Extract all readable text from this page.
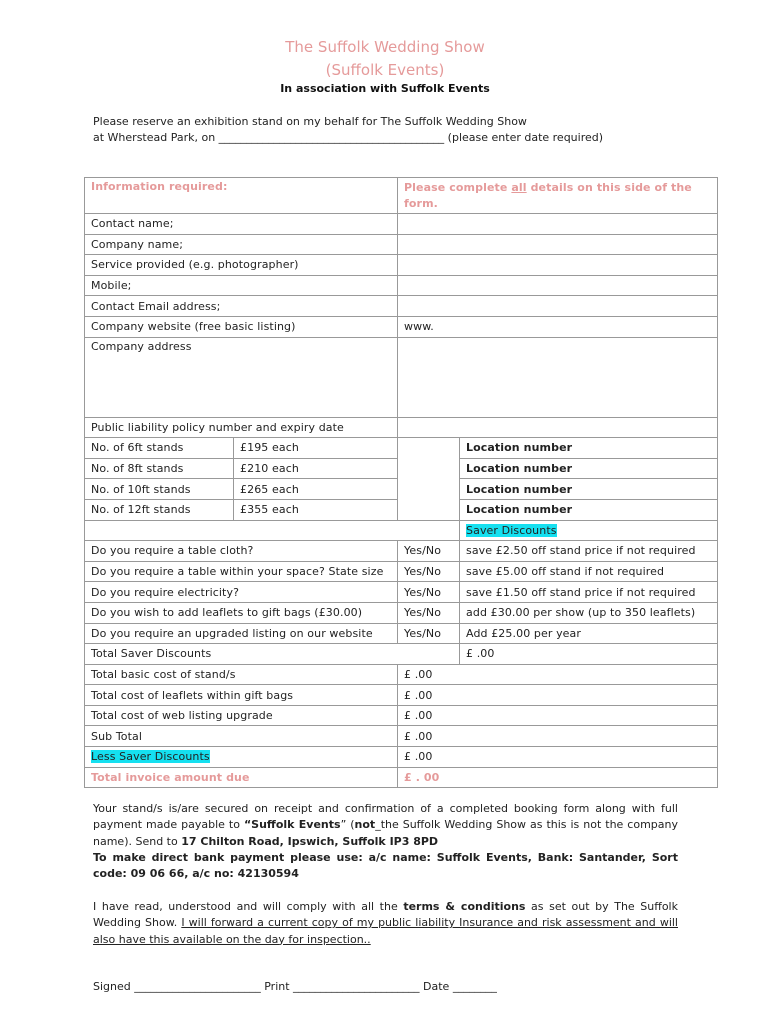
The Suffolk Wedding Show
(Suffolk Events)
In association with Suffolk Events
Please reserve an exhibition stand on my behalf for The Suffolk Wedding Show
at Wherstead Park, on _________________________________________ (please enter date required)
Information required:		Please complete all details on this side of the form.	
Contact name;			
Company name;			
Service provided (e.g. photographer)			
Mobile;			
Contact Email address;			
Company website (free basic listing)		www.	
Company address			
Public liability policy number and expiry date			
No. of 6ft stands	£195 each		Location number
No. of 8ft stands	£210 each		Location number
No. of 10ft stands	£265 each		Location number
No. of 12ft stands	£355 each		Location number
			Saver Discounts
Do you require a table cloth?		Yes/No	save £2.50 off stand price if not required
Do you require a table within your space? State size		Yes/No	save £5.00 off stand if not required
Do you require electricity?		Yes/No	save £1.50 off stand price if not required
Do you wish to add leaflets to gift bags (£30.00)		Yes/No	add £30.00 per show (up to 350 leaflets)
Do you require an upgraded listing on our website		Yes/No	Add £25.00 per year
Total Saver Discounts			£ .00
Total basic cost of stand/s		£ .00	
Total cost of leaflets within gift bags		£ .00	
Total cost of web listing upgrade		£ .00	
Sub Total		£ .00	
Less Saver Discounts		£ .00	
Total invoice amount due		£ . 00	
Your stand/s is/are secured on receipt and confirmation of a completed booking form along with full payment made payable to “Suffolk Events” (not_the Suffolk Wedding Show as this is not the company name). Send to 17 Chilton Road, Ipswich, Suffolk IP3 8PD
To make direct bank payment please use: a/c name: Suffolk Events, Bank: Santander, Sort code: 09 06 66, a/c no: 42130594
I have read, understood and will comply with all the terms & conditions as set out by The Suffolk Wedding Show. I will forward a current copy of my public liability Insurance and risk assessment and will also have this available on the day for inspection..
Signed _______________________ Print _______________________ Date ________
